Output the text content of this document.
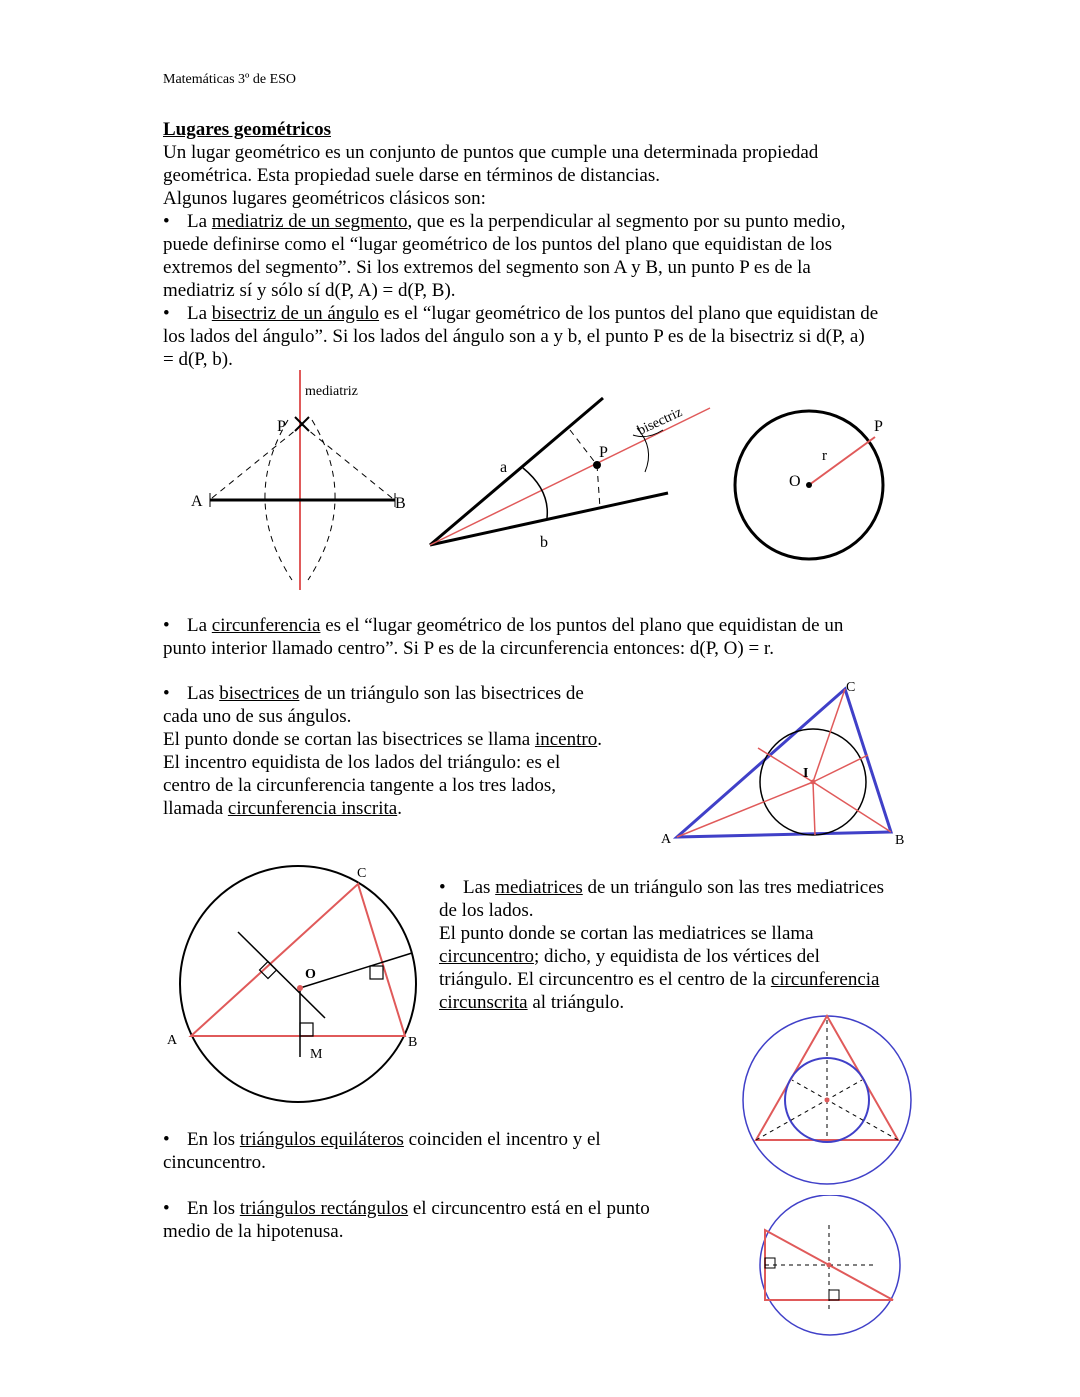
Matemáticas 3º de ESO
Lugares geométricos
Un lugar geométrico es un conjunto de puntos que cumple una determinada propiedad
geométrica. Esta propiedad suele darse en términos de distancias.
Algunos lugares geométricos clásicos son:
• La mediatriz de un segmento, que es la perpendicular al segmento por su punto medio,
puede definirse como el “lugar geométrico de los puntos del plano que equidistan de los
extremos del segmento”. Si los extremos del segmento son A y B, un punto P es de la
mediatriz sí y sólo sí d(P, A) = d(P, B).
• La bisectriz de un ángulo es el “lugar geométrico de los puntos del plano que equidistan de
los lados del ángulo”. Si los lados del ángulo son a y b, el punto P es de la bisectriz si d(P, a)
= d(P, b).
mediatriz
P
A	B
a
b
P
bisectriz
O
r
P
• La circunferencia es el “lugar geométrico de los puntos del plano que equidistan de un
punto interior llamado centro”. Si P es de la circunferencia entonces: d(P, O) = r.
• Las bisectrices de un triángulo son las bisectrices de
cada uno de sus ángulos.
El punto donde se cortan las bisectrices se llama incentro.
El incentro equidista de los lados del triángulo: es el
centro de la circunferencia tangente a los tres lados,
llamada circunferencia inscrita.
A	B
C
I
A	B
C
O
M
• Las mediatrices de un triángulo son las tres mediatrices
de los lados.
El punto donde se cortan las mediatrices se llama
circuncentro; dicho, y equidista de los vértices del
triángulo. El circuncentro es el centro de la circunferencia
circunscrita al triángulo.
• En los triángulos equiláteros coinciden el incentro y el
cincuncentro.
• En los triángulos rectángulos el circuncentro está en el punto
medio de la hipotenusa.
